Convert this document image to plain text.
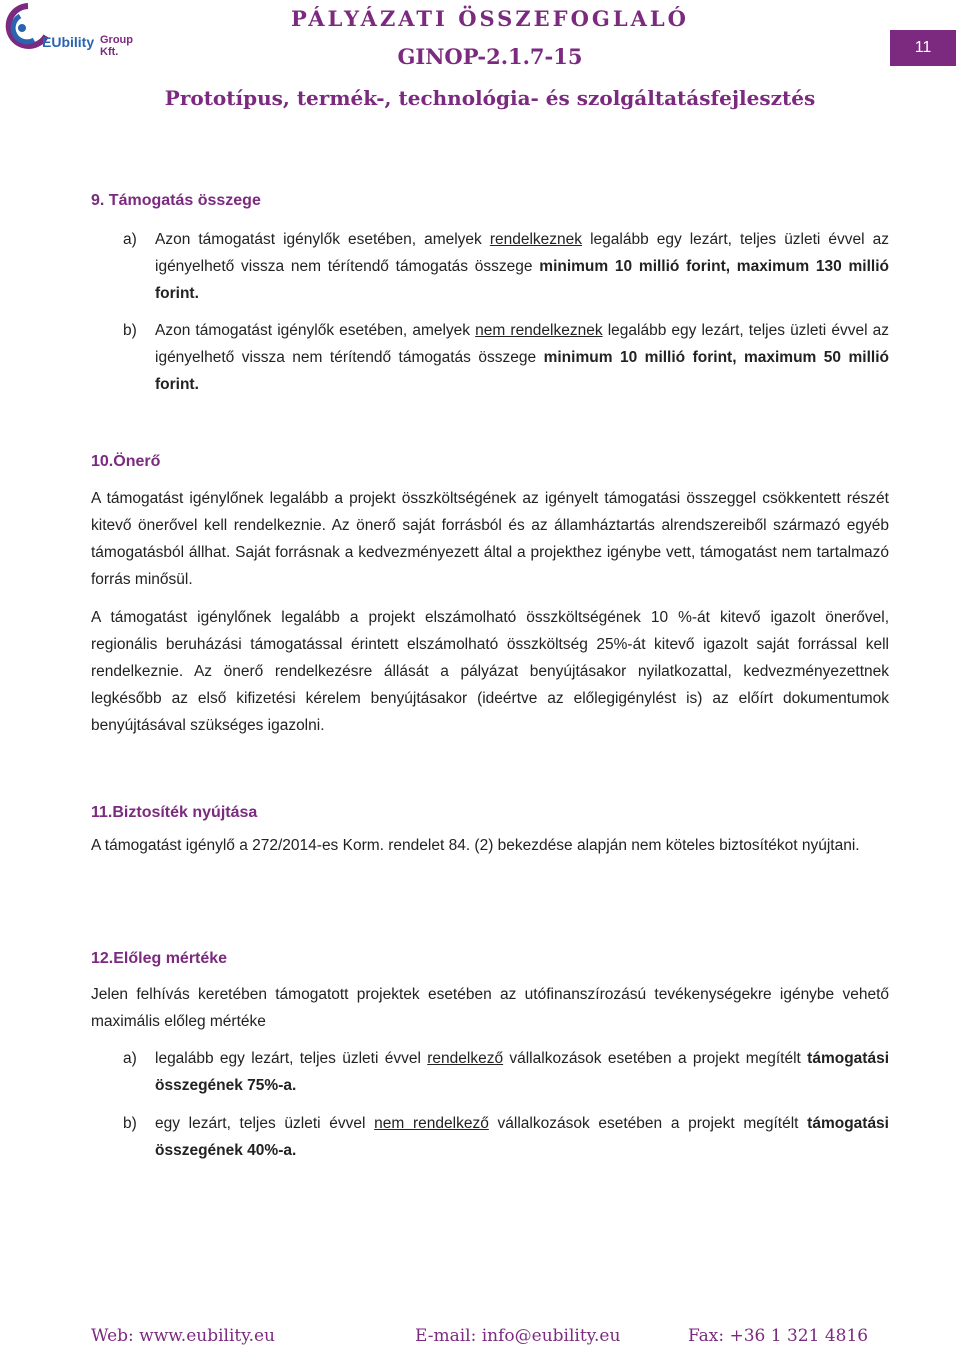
EUbility Group Kft.
PÁLYÁZATI ÖSSZEFOGLALÓ
GINOP-2.1.7-15
Prototípus, termék-, technológia- és szolgáltatásfejlesztés
11
9. Támogatás összege
a) Azon támogatást igénylők esetében, amelyek rendelkeznek legalább egy lezárt, teljes üzleti évvel az igényelhető vissza nem térítendő támogatás összege minimum 10 millió forint, maximum 130 millió forint.
b) Azon támogatást igénylők esetében, amelyek nem rendelkeznek legalább egy lezárt, teljes üzleti évvel az igényelhető vissza nem térítendő támogatás összege minimum 10 millió forint, maximum 50 millió forint.
10.Önerő
A támogatást igénylőnek legalább a projekt összköltségének az igényelt támogatási összeggel csökkentett részét kitevő önerővel kell rendelkeznie. Az önerő saját forrásból és az államháztartás alrendszereiből származó egyéb támogatásból állhat. Saját forrásnak a kedvezményezett által a projekthez igénybe vett, támogatást nem tartalmazó forrás minősül.
A támogatást igénylőnek legalább a projekt elszámolható összköltségének 10 %-át kitevő igazolt önerővel, regionális beruházási támogatással érintett elszámolható összköltség 25%-át kitevő igazolt saját forrással kell rendelkeznie. Az önerő rendelkezésre állását a pályázat benyújtásakor nyilatkozattal, kedvezményezettnek legkésőbb az első kifizetési kérelem benyújtásakor (ideértve az előlegigénylést is) az előírt dokumentumok benyújtásával szükséges igazolni.
11.Biztosíték nyújtása
A támogatást igénylő a 272/2014-es Korm. rendelet 84. (2) bekezdése alapján nem köteles biztosítékot nyújtani.
12.Előleg mértéke
Jelen felhívás keretében támogatott projektek esetében az utófinanszírozású tevékenységekre igénybe vehető maximális előleg mértéke
a) legalább egy lezárt, teljes üzleti évvel rendelkező vállalkozások esetében a projekt megítélt támogatási összegének 75%-a.
b) egy lezárt, teljes üzleti évvel nem rendelkező vállalkozások esetében a projekt megítélt támogatási összegének 40%-a.
Web: www.eubility.eu	E-mail: info@eubility.eu	Fax: +36 1 321 4816
